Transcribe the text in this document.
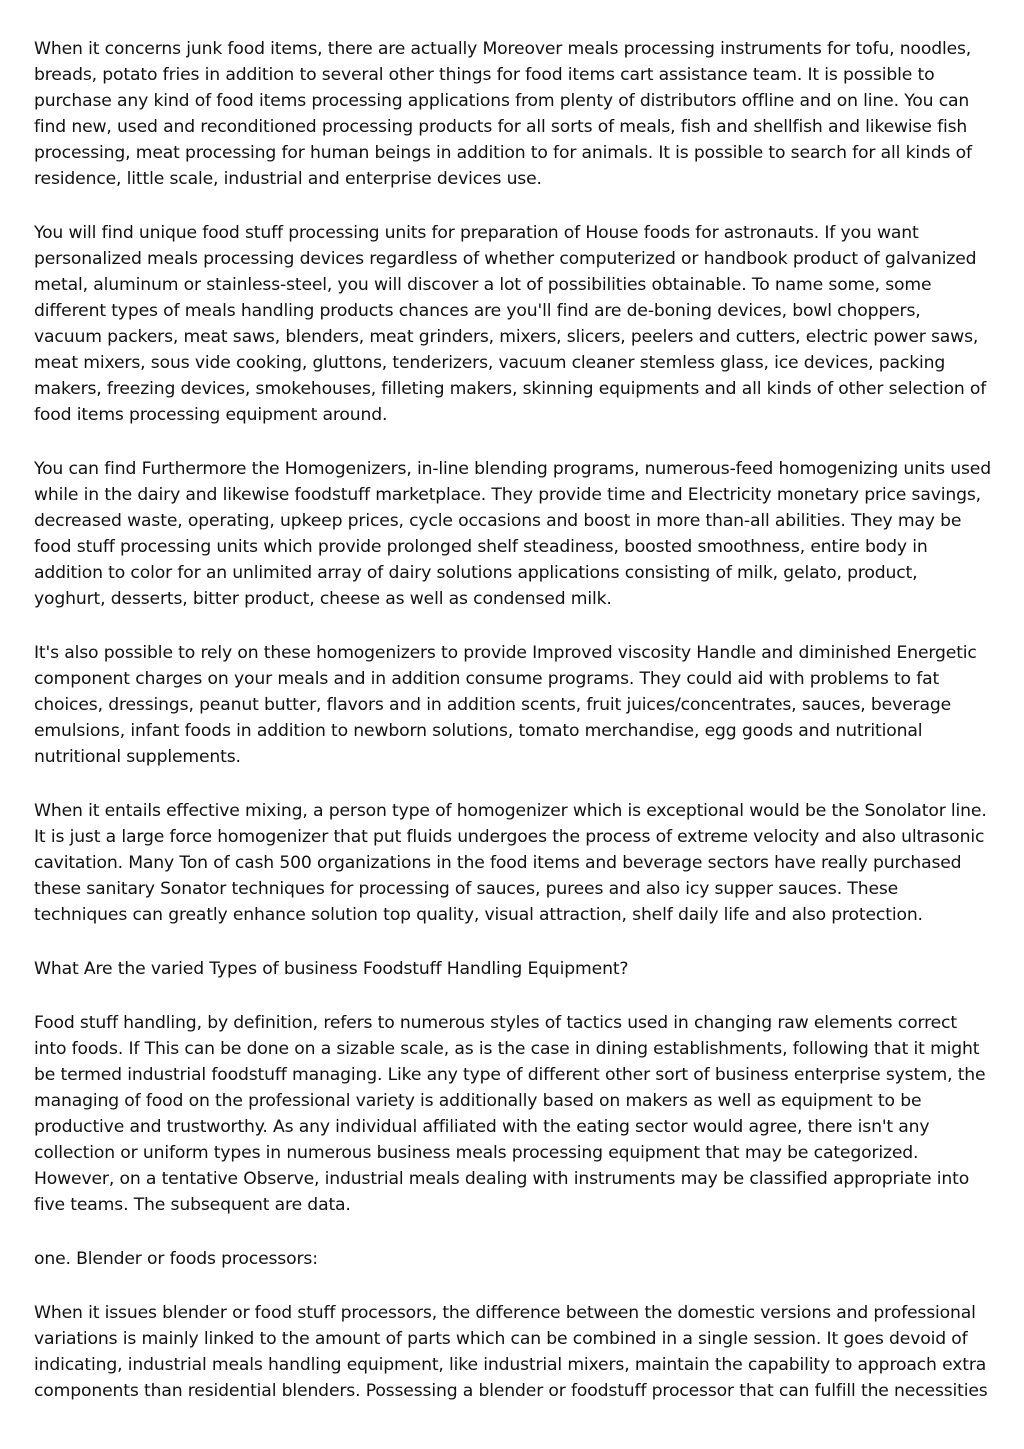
When it concerns junk food items, there are actually Moreover meals processing instruments for tofu, noodles, breads, potato fries in addition to several other things for food items cart assistance team. It is possible to purchase any kind of food items processing applications from plenty of distributors offline and on line. You can find new, used and reconditioned processing products for all sorts of meals, fish and shellfish and likewise fish processing, meat processing for human beings in addition to for animals. It is possible to search for all kinds of residence, little scale, industrial and enterprise devices use.

You will find unique food stuff processing units for preparation of House foods for astronauts. If you want personalized meals processing devices regardless of whether computerized or handbook product of galvanized metal, aluminum or stainless-steel, you will discover a lot of possibilities obtainable. To name some, some different types of meals handling products chances are you'll find are de-boning devices, bowl choppers, vacuum packers, meat saws, blenders, meat grinders, mixers, slicers, peelers and cutters, electric power saws, meat mixers, sous vide cooking, gluttons, tenderizers, vacuum cleaner stemless glass, ice devices, packing makers, freezing devices, smokehouses, filleting makers, skinning equipments and all kinds of other selection of food items processing equipment around.

You can find Furthermore the Homogenizers, in-line blending programs, numerous-feed homogenizing units used while in the dairy and likewise foodstuff marketplace. They provide time and Electricity monetary price savings, decreased waste, operating, upkeep prices, cycle occasions and boost in more than-all abilities. They may be food stuff processing units which provide prolonged shelf steadiness, boosted smoothness, entire body in addition to color for an unlimited array of dairy solutions applications consisting of milk, gelato, product, yoghurt, desserts, bitter product, cheese as well as condensed milk.

It's also possible to rely on these homogenizers to provide Improved viscosity Handle and diminished Energetic component charges on your meals and in addition consume programs. They could aid with problems to fat choices, dressings, peanut butter, flavors and in addition scents, fruit juices/concentrates, sauces, beverage emulsions, infant foods in addition to newborn solutions, tomato merchandise, egg goods and nutritional nutritional supplements.

When it entails effective mixing, a person type of homogenizer which is exceptional would be the Sonolator line. It is just a large force homogenizer that put fluids undergoes the process of extreme velocity and also ultrasonic cavitation. Many Ton of cash 500 organizations in the food items and beverage sectors have really purchased these sanitary Sonator techniques for processing of sauces, purees and also icy supper sauces. These techniques can greatly enhance solution top quality, visual attraction, shelf daily life and also protection.

What Are the varied Types of business Foodstuff Handling Equipment?

Food stuff handling, by definition, refers to numerous styles of tactics used in changing raw elements correct into foods. If This can be done on a sizable scale, as is the case in dining establishments, following that it might be termed industrial foodstuff managing. Like any type of different other sort of business enterprise system, the managing of food on the professional variety is additionally based on makers as well as equipment to be productive and trustworthy. As any individual affiliated with the eating sector would agree, there isn't any collection or uniform types in numerous business meals processing equipment that may be categorized. However, on a tentative Observe, industrial meals dealing with instruments may be classified appropriate into five teams. The subsequent are data.

one. Blender or foods processors:

When it issues blender or food stuff processors, the difference between the domestic versions and professional variations is mainly linked to the amount of parts which can be combined in a single session. It goes devoid of indicating, industrial meals handling equipment, like industrial mixers, maintain the capability to approach extra components than residential blenders. Possessing a blender or foodstuff processor that can fulfill the necessities
